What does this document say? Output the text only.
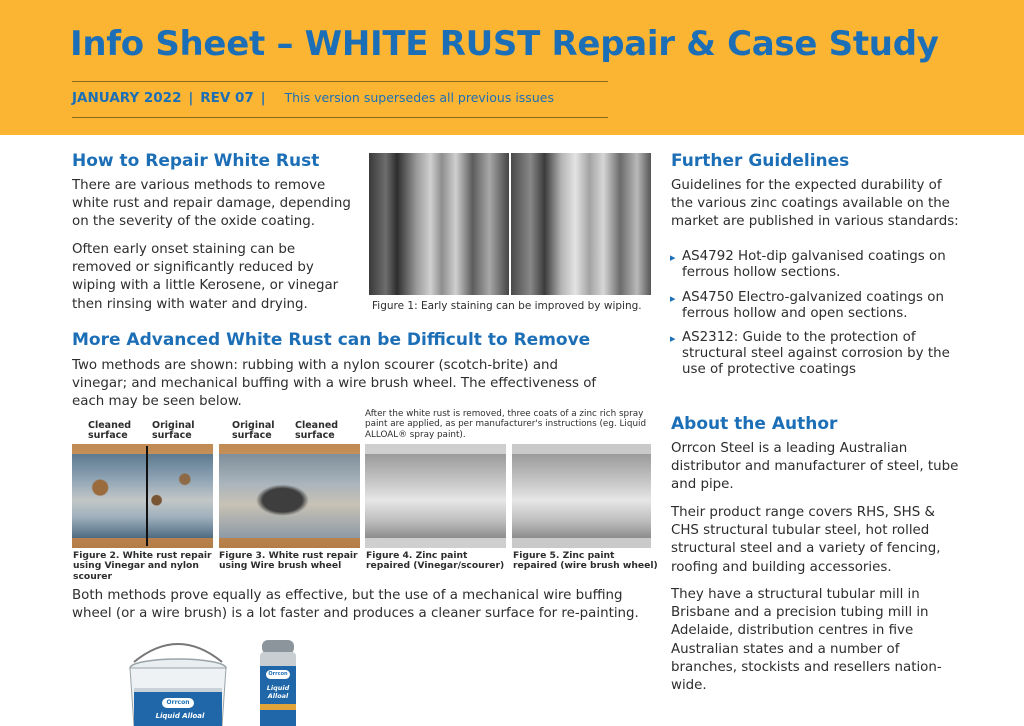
Info Sheet – WHITE RUST Repair & Case Study
JANUARY 2022 | REV 07 | This version supersedes all previous issues
How to Repair White Rust

There are various methods to remove white rust and repair damage, depending on the severity of the oxide coating.

Often early onset staining can be removed or significantly reduced by wiping with a little Kerosene, or vinegar then rinsing with water and drying.	Figure 1: Early staining can be improved by wiping.
More Advanced White Rust can be Difficult to Remove

Two methods are shown: rubbing with a nylon scourer (scotch-brite) and vinegar; and mechanical buffing with a wire brush wheel. The effectiveness of each may be seen below.

After the white rust is removed, three coats of a zinc rich spray paint are applied, as per manufacturer's instructions (eg. Liquid ALLOAL® spray paint).
Cleaned surface
Original surface
Original surface
Cleaned surface
Figure 2. White rust repair using Vinegar and nylon scourer
Figure 3. White rust repair using Wire brush wheel
Figure 4. Zinc paint repaired (Vinegar/scourer)
Figure 5. Zinc paint repaired (wire brush wheel)

Both methods prove equally as effective, but the use of a mechanical wire buffing wheel (or a wire brush) is a lot faster and produces a cleaner surface for re-painting.

Orrcon
Liquid Alloal
Orrcon
Liquid Alloal
Further Guidelines

Guidelines for the expected durability of the various zinc coatings available on the market are published in various standards:

▸ AS4792 Hot-dip galvanised coatings on ferrous hollow sections.
▸ AS4750 Electro-galvanized coatings on ferrous hollow and open sections.
▸ AS2312: Guide to the protection of structural steel against corrosion by the use of protective coatings
About the Author

Orrcon Steel is a leading Australian distributor and manufacturer of steel, tube and pipe.

Their product range covers RHS, SHS & CHS structural tubular steel, hot rolled structural steel and a variety of fencing, roofing and building accessories.

They have a structural tubular mill in Brisbane and a precision tubing mill in Adelaide, distribution centres in five Australian states and a number of branches, stockists and resellers nation-wide.
